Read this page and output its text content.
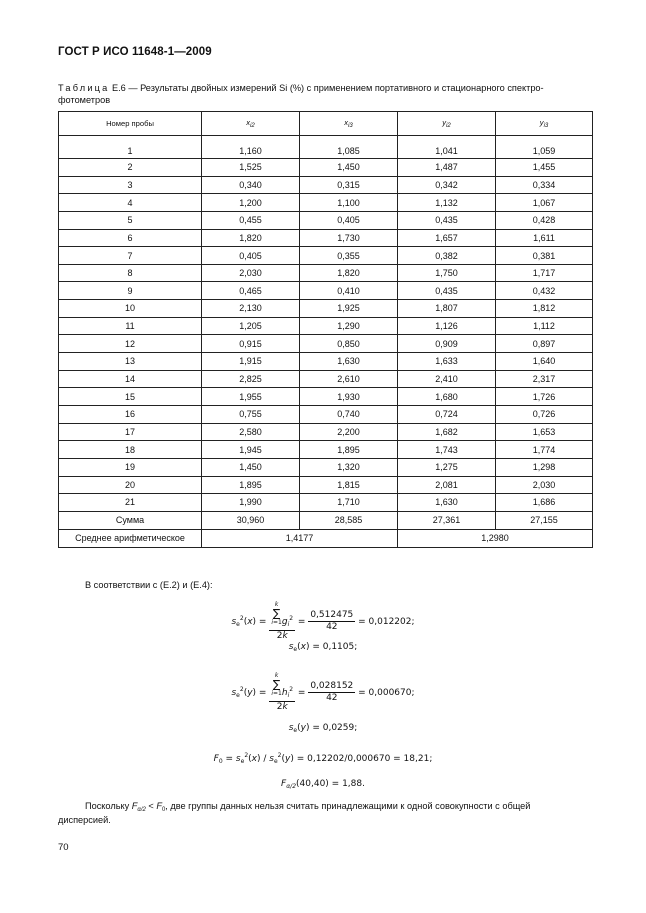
ГОСТ Р ИСО 11648-1—2009
Таблица Е.6 — Результаты двойных измерений Si (%) с применением портативного и стационарного спектро-фотометров
Номер пробы	$x_{i2}$	$x_{i3}$	$y_{i2}$	$y_{i3}$
1	1,160	1,085	1,041	1,059
2	1,525	1,450	1,487	1,455
3	0,340	0,315	0,342	0,334
4	1,200	1,100	1,132	1,067
5	0,455	0,405	0,435	0,428
6	1,820	1,730	1,657	1,611
7	0,405	0,355	0,382	0,381
8	2,030	1,820	1,750	1,717
9	0,465	0,410	0,435	0,432
10	2,130	1,925	1,807	1,812
11	1,205	1,290	1,126	1,112
12	0,915	0,850	0,909	0,897
13	1,915	1,630	1,633	1,640
14	2,825	2,610	2,410	2,317
15	1,955	1,930	1,680	1,726
16	0,755	0,740	0,724	0,726
17	2,580	2,200	1,682	1,653
18	1,945	1,895	1,743	1,774
19	1,450	1,320	1,275	1,298
20	1,895	1,815	2,081	2,030
21	1,990	1,710	1,630	1,686
Сумма	30,960	28,585	27,361	27,155
Среднее арифметическое	1,4177		1,2980	
В соответствии с (Е.2) и (Е.4):
$s_e^2(x) = k$
∑
i=1 $g_i^2$
$2k = \frac{0,512475}{42} = 0,012202$;
$s_e(x) = 0,1105$;
$s_e^2(y) = k$
∑
i=1 $h_i^2$
$2k = \frac{0,028152}{42} = 0,000670$;
$s_e(y) = 0,0259$;
$F_0 = s_e^2(x) / s_e^2(y) = 0,12202/0,000670 = 18,21$;
$F_{\alpha/2}(40,40) = 1,88$.
Поскольку $F_{\alpha/2} < F_0$, две группы данных нельзя считать принадлежащими к одной совокупности с общей
дисперсией.
70
